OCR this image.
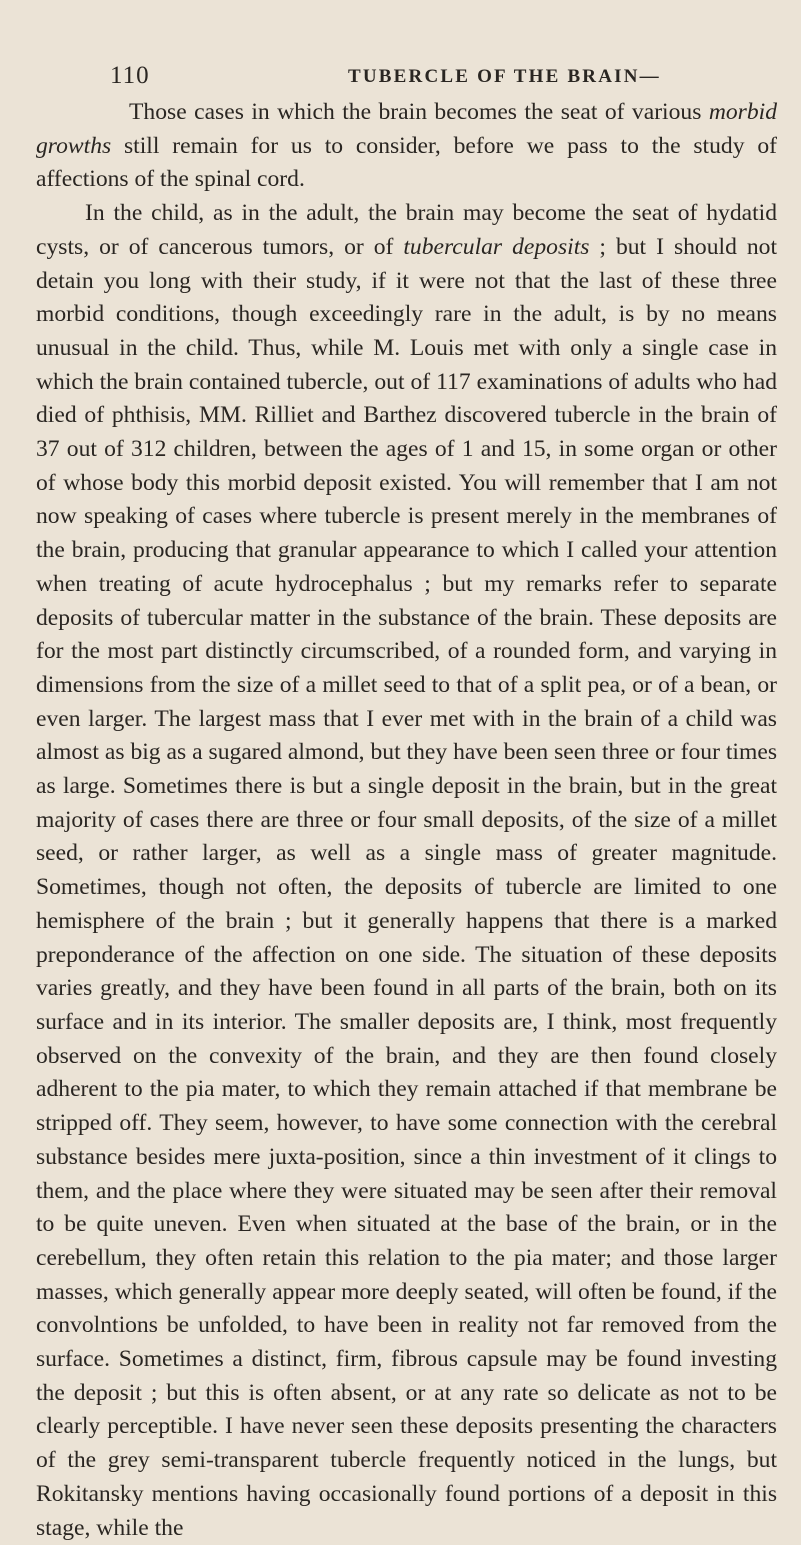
110	TUBERCLE OF THE BRAIN—

Those cases in which the brain becomes the seat of various morbid growths still remain for us to consider, before we pass to the study of affections of the spinal cord.

In the child, as in the adult, the brain may become the seat of hydatid cysts, or of cancerous tumors, or of tubercular deposits ; but I should not detain you long with their study, if it were not that the last of these three morbid conditions, though exceedingly rare in the adult, is by no means unusual in the child. Thus, while M. Louis met with only a single case in which the brain contained tubercle, out of 117 examinations of adults who had died of phthisis, MM. Rilliet and Barthez discovered tubercle in the brain of 37 out of 312 children, between the ages of 1 and 15, in some organ or other of whose body this morbid deposit existed. You will remember that I am not now speaking of cases where tubercle is present merely in the membranes of the brain, producing that granular appearance to which I called your attention when treating of acute hydrocephalus ; but my remarks refer to separate deposits of tubercular matter in the substance of the brain. These deposits are for the most part distinctly circumscribed, of a rounded form, and varying in dimensions from the size of a millet seed to that of a split pea, or of a bean, or even larger. The largest mass that I ever met with in the brain of a child was almost as big as a sugared almond, but they have been seen three or four times as large. Sometimes there is but a single deposit in the brain, but in the great majority of cases there are three or four small deposits, of the size of a millet seed, or rather larger, as well as a single mass of greater magnitude. Sometimes, though not often, the deposits of tubercle are limited to one hemisphere of the brain ; but it generally happens that there is a marked preponderance of the affection on one side. The situation of these deposits varies greatly, and they have been found in all parts of the brain, both on its surface and in its interior. The smaller deposits are, I think, most frequently observed on the convexity of the brain, and they are then found closely adherent to the pia mater, to which they remain attached if that membrane be stripped off. They seem, however, to have some connection with the cerebral substance besides mere juxta-position, since a thin investment of it clings to them, and the place where they were situated may be seen after their removal to be quite uneven. Even when situated at the base of the brain, or in the cerebellum, they often retain this relation to the pia mater; and those larger masses, which generally appear more deeply seated, will often be found, if the convolntions be unfolded, to have been in reality not far removed from the surface. Sometimes a distinct, firm, fibrous capsule may be found investing the deposit ; but this is often absent, or at any rate so delicate as not to be clearly perceptible. I have never seen these deposits presenting the characters of the grey semi-transparent tubercle frequently noticed in the lungs, but Rokitansky mentions having occasionally found portions of a deposit in this stage, while the
